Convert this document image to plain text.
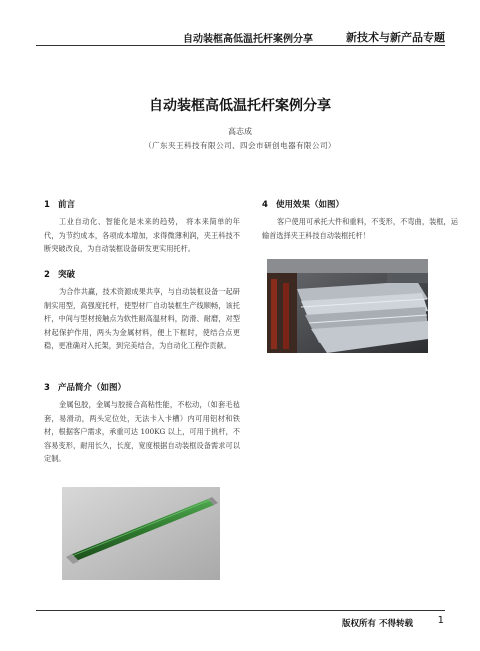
自动装框高低温托杆案例分享	新技术与新产品专题
自动装框高低温托杆案例分享
高志成
（广东夹王科技有限公司、四会市研创电器有限公司）
1 前言

工业自动化、智能化是未来的趋势， 将本来简单的年代，为节约成本，各项成本增加，求得微薄利润，夹王科技不断突破改良，为自动装框设备研发更实用托杆。

2 突破

为合作共赢，技术资源成果共享，与自动装框设备一起研制实用型，高强度托杆，使型材厂自动装框生产线顺畅，该托杆，中间与型材接触点为软性耐高温材料，防滑、耐磨，对型材起保护作用，两头为金属材料，便上下框时，使结合点更稳，更准确对入托架，到完美结合，为自动化工程作贡献。

3 产品简介（如图）

金属包胶，金属与胶接合高粘性能，不松动，（如套毛毡套，易滑动，两头定位处，无法卡入卡槽）内可用铝材和铁材，根据客户需求，承重可达 100KG 以上，可用于挑杆，不容易变形，耐用长久，长度，宽度根据自动装框设备需求可以定制。

4 使用效果（如图）

客户使用可承托大件和重料，不变形，不弯曲，装框，运输首选择夹王科技自动装框托杆！

版权所有 不得转载 1
